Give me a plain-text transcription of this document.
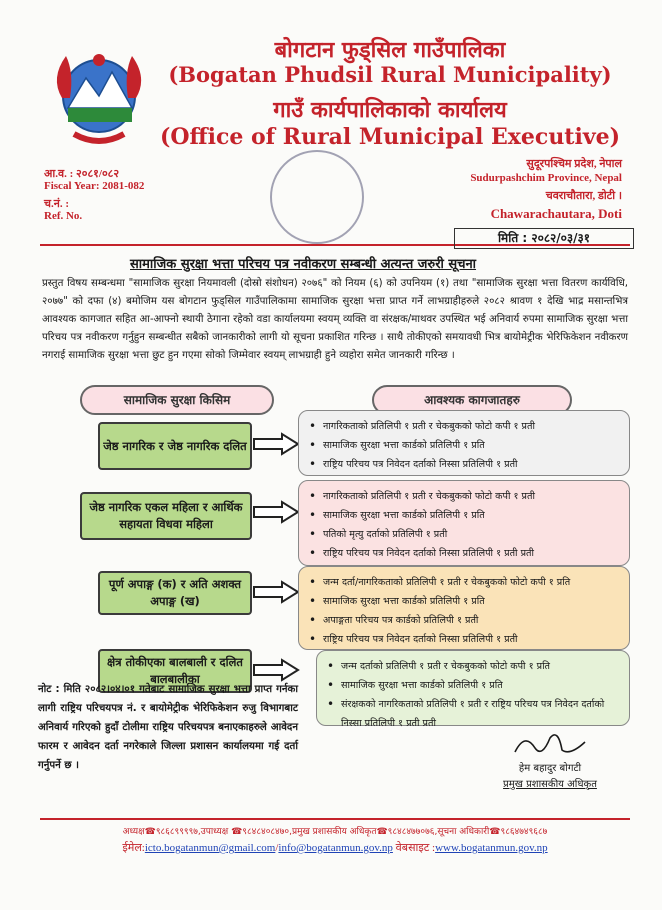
बोगटान फुड्सिल गाउँपालिका
(Bogatan Phudsil Rural Municipality)
गाउँ कार्यपालिकाको कार्यालय
(Office of Rural Municipal Executive)
आ.व. : २०८१/०८२
Fiscal Year: 2081-082
च.नं. :
Ref. No.
सुदूरपश्चिम प्रदेश, नेपाल
Sudurpashchim Province, Nepal
चवराचौतारा, डोटी ।
Chawarachautara, Doti
मिति : २०८२/०३/३१
सामाजिक सुरक्षा भत्ता परिचय पत्र नवीकरण सम्बन्धी अत्यन्त जरुरी सूचना
प्रस्तुत विषय सम्बन्धमा "सामाजिक सुरक्षा नियमावली (दोस्रो संशोधन) २०७६" को नियम (६) को उपनियम (१) तथा "सामाजिक सुरक्षा भत्ता वितरण कार्यविधि, २०७७" को दफा (४) बमोजिम यस बोगटान फुड्सिल गाउँपालिकामा सामाजिक सुरक्षा भत्ता प्राप्त गर्ने लाभग्राहीहरुले २०८२ श्रावण १ देखि भाद्र मसान्तभित्र आवश्यक कागजात सहित आ-आफ्नो स्थायी ठेगाना रहेको वडा कार्यालयमा स्वयम् व्यक्ति वा संरक्षक/माथवर उपस्थित भई अनिवार्य रुपमा सामाजिक सुरक्षा भत्ता परिचय पत्र नवीकरण गर्नुहुन सम्बन्धीत सबैको जानकारीको लागी यो सूचना प्रकाशित गरिन्छ । साथै तोकीएको समयावधी भित्र बायोमेट्रीक भेरिफिकेशन नवीकरण नगराई सामाजिक सुरक्षा भत्ता छुट हुन गएमा सोको जिम्मेवार स्वयम् लाभग्राही हुने व्यहोरा समेत जानकारी गरिन्छ ।
सामाजिक सुरक्षा किसिम	आवश्यक कागजातहरु
जेष्ठ नागरिक र जेष्ठ नागरिक दलित
• नागरिकताको प्रतिलिपी १ प्रती र चेकबुकको फोटो कपी १ प्रती
• सामाजिक सुरक्षा भत्ता कार्डको प्रतिलिपी १ प्रति
• राष्ट्रिय परिचय पत्र निवेदन दर्ताको निस्सा प्रतिलिपी १ प्रती
जेष्ठ नागरिक एकल महिला र आर्थिक सहायता विधवा महिला
• नागरिकताको प्रतिलिपी १ प्रती र चेकबुकको फोटो कपी १ प्रती
• सामाजिक सुरक्षा भत्ता कार्डको प्रतिलिपी १ प्रति
• पतिको मृत्यु दर्ताको प्रतिलिपी १ प्रती
• राष्ट्रिय परिचय पत्र निवेदन दर्ताको निस्सा प्रतिलिपी १ प्रती प्रती
पूर्ण अपाङ्ग (क) र अति अशक्त अपाङ्ग (ख)
• जन्म दर्ता/नागरिकताको प्रतिलिपी १ प्रती र चेकबुकको फोटो कपी १ प्रति
• सामाजिक सुरक्षा भत्ता कार्डको प्रतिलिपी १ प्रति
• अपाङ्गता परिचय पत्र कार्डको प्रतिलिपी १ प्रती
• राष्ट्रिय परिचय पत्र निवेदन दर्ताको निस्सा प्रतिलिपी १ प्रती
क्षेत्र तोकीएका बालबाली र दलित बालबालीका
• जन्म दर्ताको प्रतिलिपी १ प्रती र चेकबुकको फोटो कपी १ प्रति
• सामाजिक सुरक्षा भत्ता कार्डको प्रतिलिपी १ प्रति
• संरक्षकको नागरिकताको प्रतिलिपी १ प्रती र राष्ट्रिय परिचय पत्र निवेदन दर्ताको निस्सा प्रतिलिपी १ प्रती प्रती
नोट : मिति २०८२।०४।०१ गतेबाट सामाजिक सुरक्षा भत्ता प्राप्त गर्नका लागी राष्ट्रिय परिचयपत्र नं. र बायोमेट्रीक भेरिफिकेशन रुजु विभागबाट अनिवार्य गरिएको हुदाँ टोलीमा राष्ट्रिय परिचयपत्र बनाएकाहरुले आवेदन फारम र आवेदन दर्ता नगरेकाले जिल्ला प्रशासन कार्यालयमा गई दर्ता गर्नुपर्ने छ ।	हेम बहादुर बोगटी
प्रमुख प्रशासकीय अधिकृत
अध्यक्ष☎९८६८९९९९७,उपाध्यक्ष ☎९८४८४०८४७०,प्रमुख प्रशासकीय अधिकृत☎९८४८४७७०७६,सूचना अधिकारी☎९८६४७४९६८७
ईमेल:icto.bogatanmun@gmail.com/info@bogatanmun.gov.np वेबसाइट :www.bogatanmun.gov.np
